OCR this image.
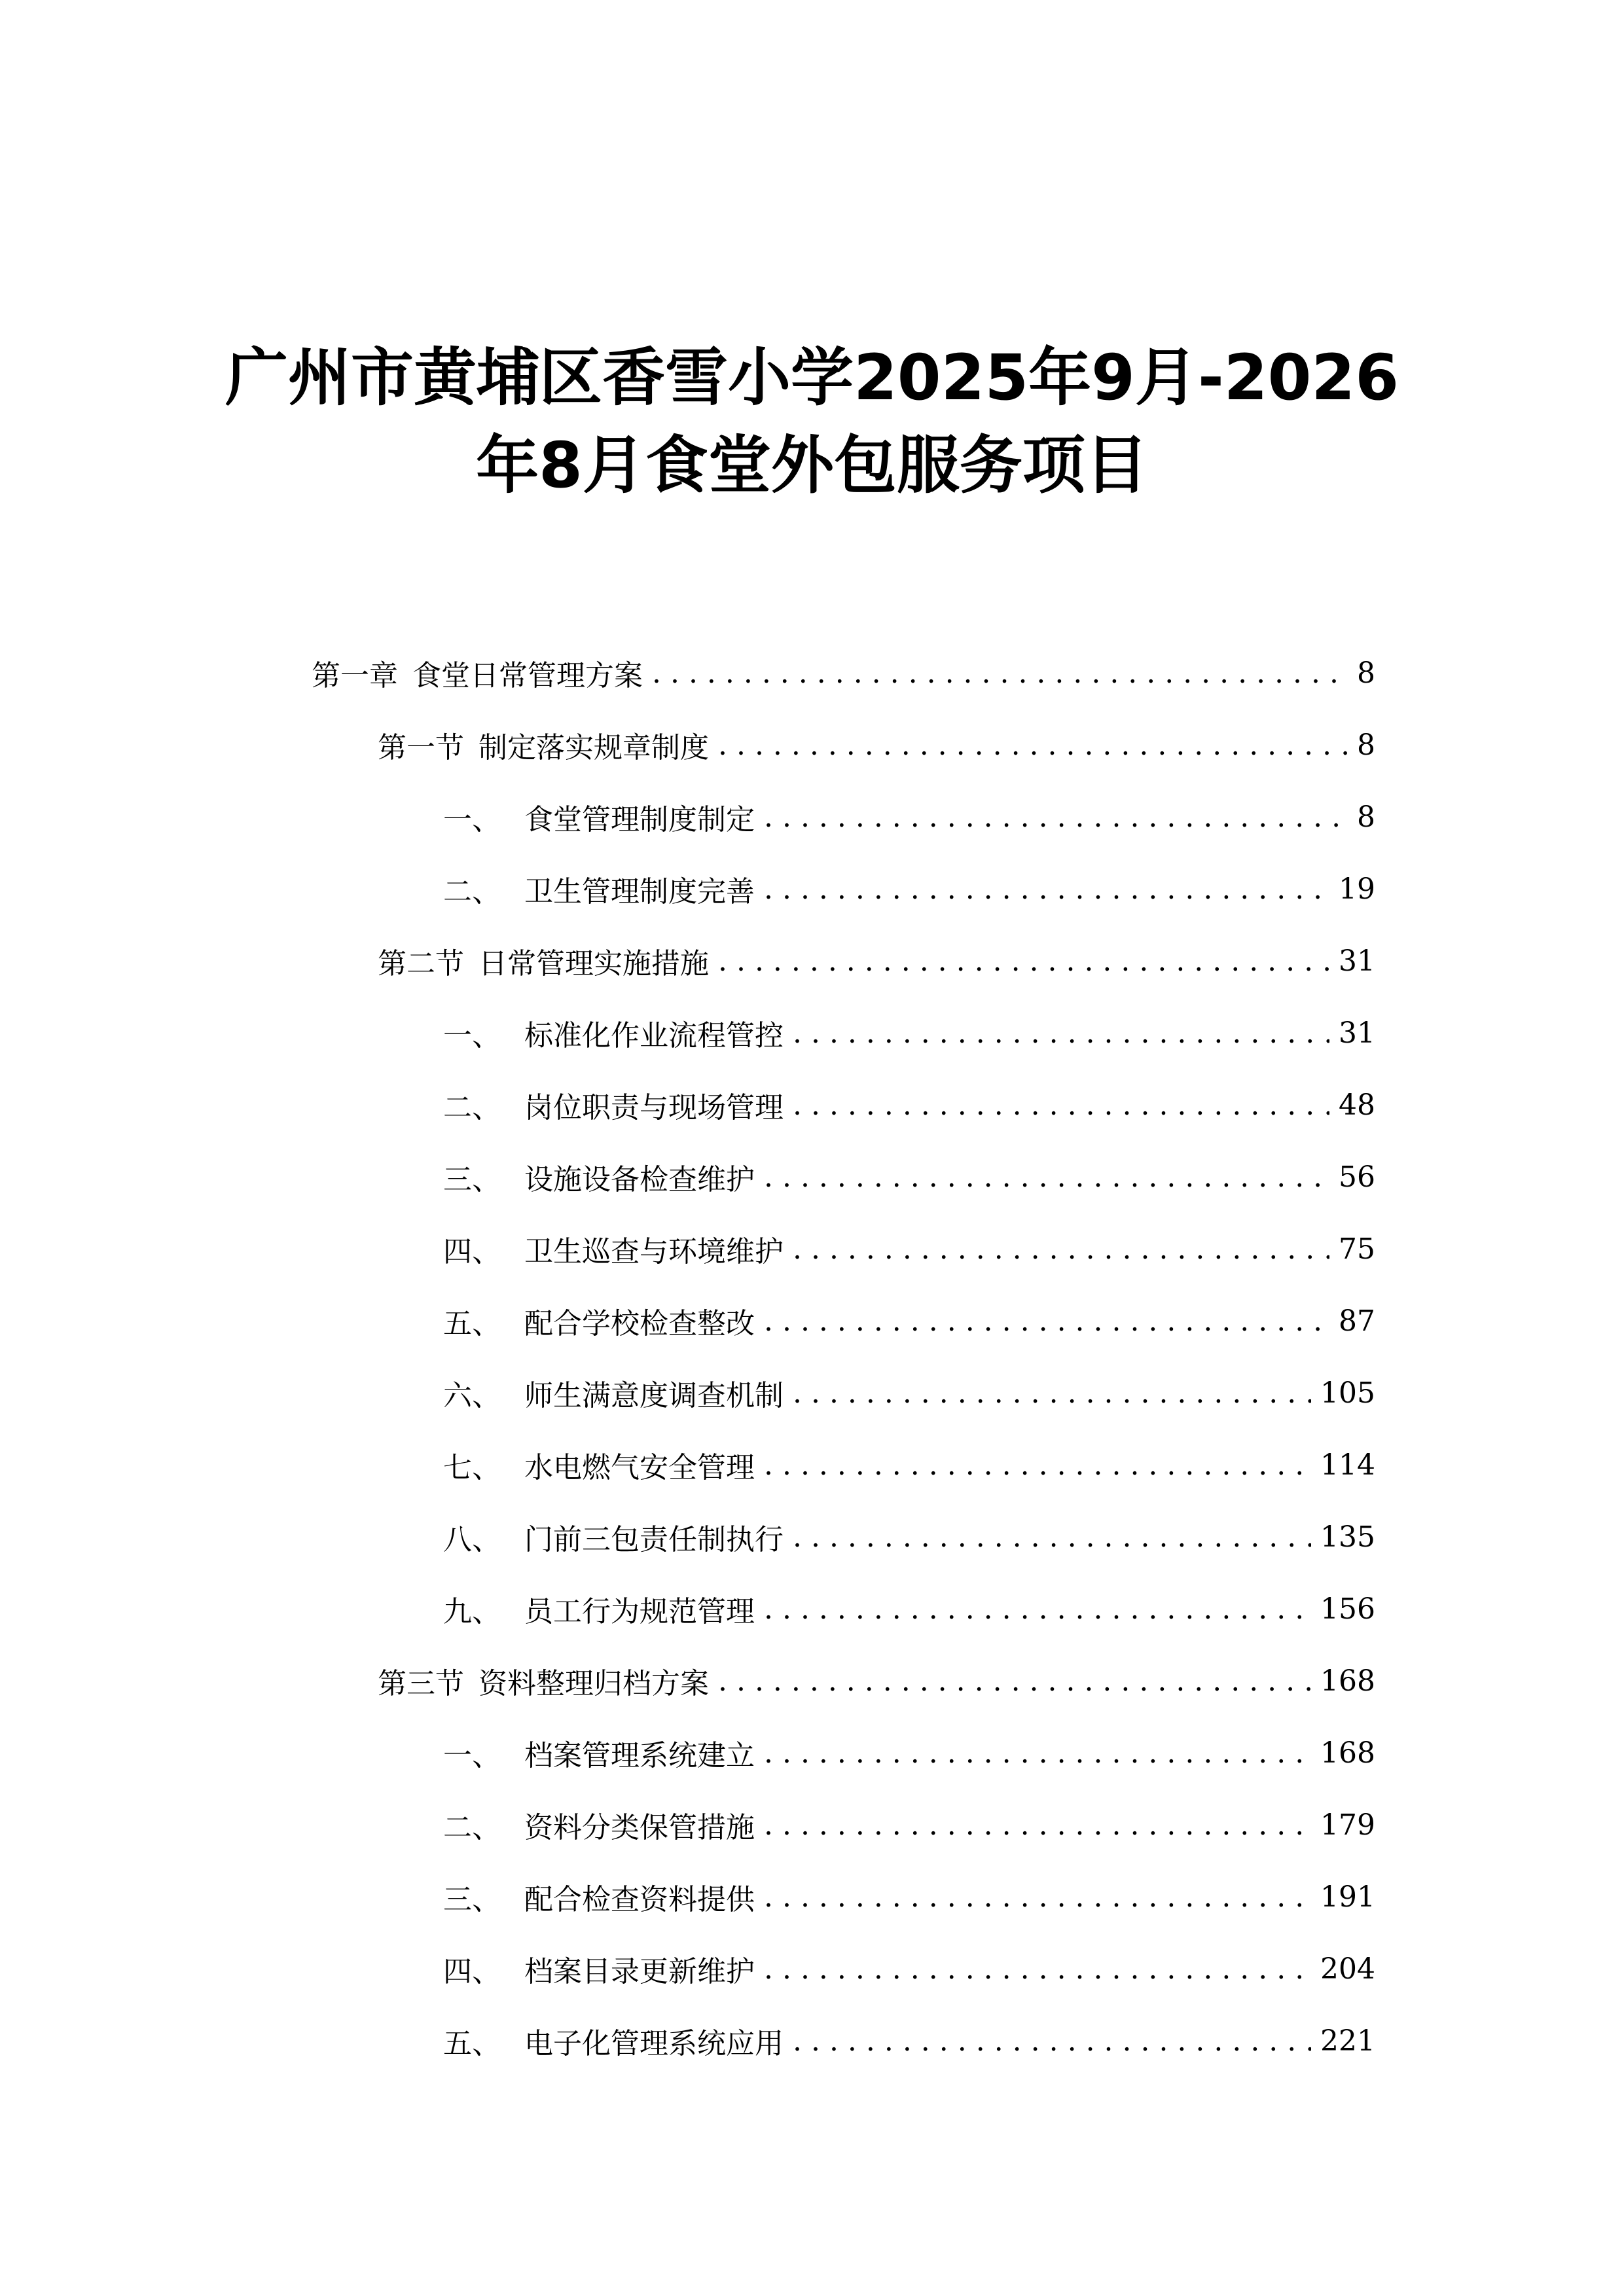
广州市黄埔区香雪小学2025年9月-2026
年8月食堂外包服务项目
第一章 食堂日常管理方案 . . .	8
第一节 制定落实规章制度 . . .	8
一、 食堂管理制度制定 . . .	8
二、 卫生管理制度完善 . . .	19
第二节 日常管理实施措施 . . .	31
一、 标准化作业流程管控 . . .	31
二、 岗位职责与现场管理 . . .	48
三、 设施设备检查维护 . . .	56
四、 卫生巡查与环境维护 . . .	75
五、 配合学校检查整改 . . .	87
六、 师生满意度调查机制 . . .	105
七、 水电燃气安全管理 . . .	114
八、 门前三包责任制执行 . . .	135
九、 员工行为规范管理 . . .	156
第三节 资料整理归档方案 . . .	168
一、 档案管理系统建立 . . .	168
二、 资料分类保管措施 . . .	179
三、 配合检查资料提供 . . .	191
四、 档案目录更新维护 . . .	204
五、 电子化管理系统应用 . . .	221
